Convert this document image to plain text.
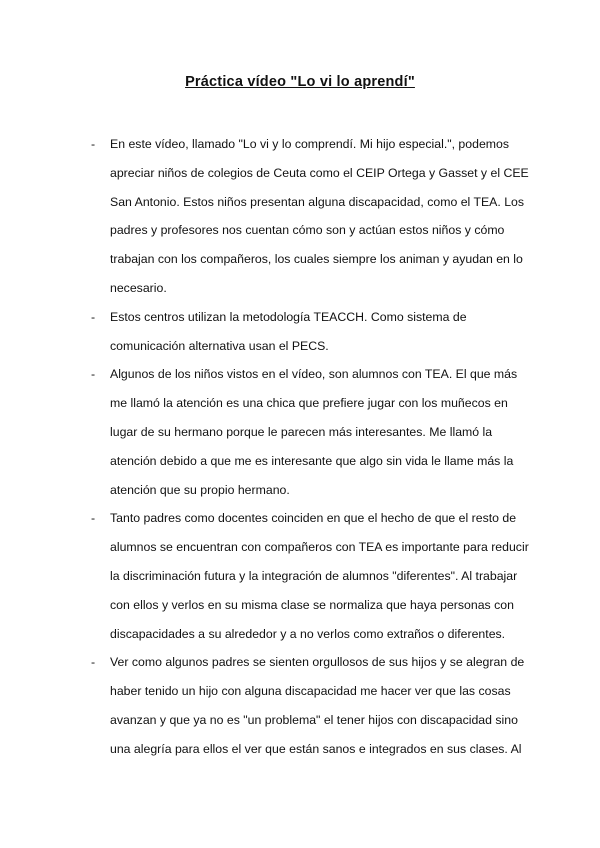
Práctica vídeo "Lo vi lo aprendí"
- En este vídeo, llamado "Lo vi y lo comprendí. Mi hijo especial.", podemos
apreciar niños de colegios de Ceuta como el CEIP Ortega y Gasset y el CEE
San Antonio. Estos niños presentan alguna discapacidad, como el TEA. Los
padres y profesores nos cuentan cómo son y actúan estos niños y cómo
trabajan con los compañeros, los cuales siempre los animan y ayudan en lo
necesario.
- Estos centros utilizan la metodología TEACCH. Como sistema de
comunicación alternativa usan el PECS.
- Algunos de los niños vistos en el vídeo, son alumnos con TEA. El que más
me llamó la atención es una chica que prefiere jugar con los muñecos en
lugar de su hermano porque le parecen más interesantes. Me llamó la
atención debido a que me es interesante que algo sin vida le llame más la
atención que su propio hermano.
- Tanto padres como docentes coinciden en que el hecho de que el resto de
alumnos se encuentran con compañeros con TEA es importante para reducir
la discriminación futura y la integración de alumnos "diferentes". Al trabajar
con ellos y verlos en su misma clase se normaliza que haya personas con
discapacidades a su alrededor y a no verlos como extraños o diferentes.
- Ver como algunos padres se sienten orgullosos de sus hijos y se alegran de
haber tenido un hijo con alguna discapacidad me hacer ver que las cosas
avanzan y que ya no es "un problema" el tener hijos con discapacidad sino
una alegría para ellos el ver que están sanos e integrados en sus clases. Al
